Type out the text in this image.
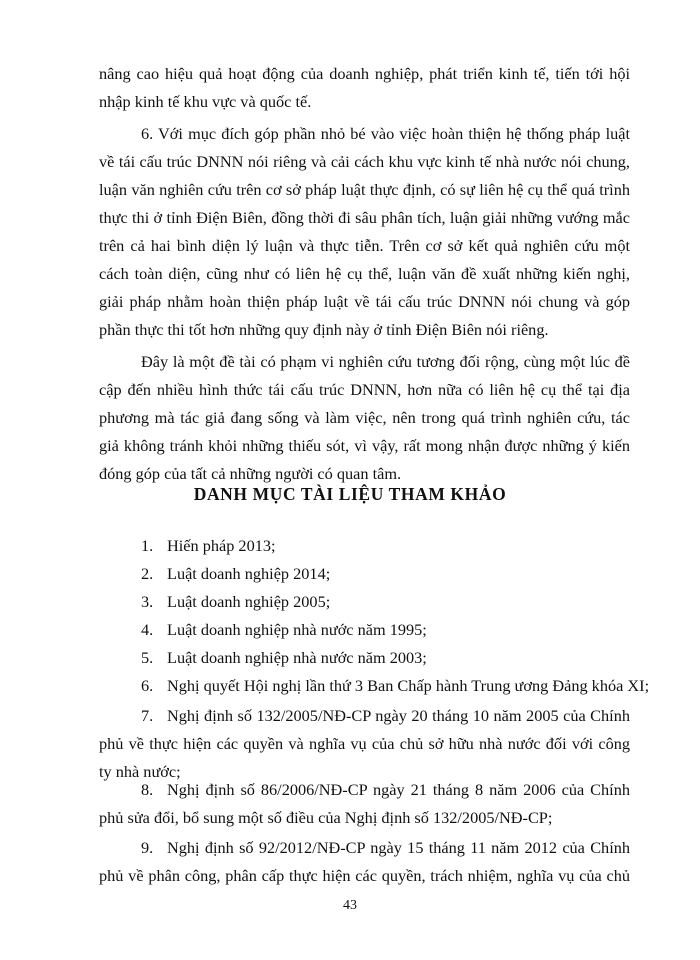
nâng cao hiệu quả hoạt động của doanh nghiệp, phát triển kinh tế, tiến tới hội
nhập kinh tế khu vực và quốc tế.
6. Với mục đích góp phần nhỏ bé vào việc hoàn thiện hệ thống pháp luật
về tái cấu trúc DNNN nói riêng và cải cách khu vực kinh tế nhà nước nói chung,
luận văn nghiên cứu trên cơ sở pháp luật thực định, có sự liên hệ cụ thể quá trình
thực thi ở tỉnh Điện Biên, đồng thời đi sâu phân tích, luận giải những vướng mắc
trên cả hai bình diện lý luận và thực tiễn. Trên cơ sở kết quả nghiên cứu một
cách toàn diện, cũng như có liên hệ cụ thể, luận văn đề xuất những kiến nghị,
giải pháp nhằm hoàn thiện pháp luật về tái cấu trúc DNNN nói chung và góp
phần thực thi tốt hơn những quy định này ở tỉnh Điện Biên nói riêng.
Đây là một đề tài có phạm vi nghiên cứu tương đối rộng, cùng một lúc đề
cập đến nhiều hình thức tái cấu trúc DNNN, hơn nữa có liên hệ cụ thể tại địa
phương mà tác giả đang sống và làm việc, nên trong quá trình nghiên cứu, tác
giả không tránh khỏi những thiếu sót, vì vậy, rất mong nhận được những ý kiến
đóng góp của tất cả những người có quan tâm.
DANH MỤC TÀI LIỆU THAM KHẢO
1. Hiến pháp 2013;
2. Luật doanh nghiệp 2014;
3. Luật doanh nghiệp 2005;
4. Luật doanh nghiệp nhà nước năm 1995;
5. Luật doanh nghiệp nhà nước năm 2003;
6. Nghị quyết Hội nghị lần thứ 3 Ban Chấp hành Trung ương Đảng khóa XI;
7. Nghị định số 132/2005/NĐ-CP ngày 20 tháng 10 năm 2005 của Chính
phủ về thực hiện các quyền và nghĩa vụ của chủ sở hữu nhà nước đối với công
ty nhà nước;
8. Nghị định số 86/2006/NĐ-CP ngày 21 tháng 8 năm 2006 của Chính
phủ sửa đổi, bổ sung một số điều của Nghị định số 132/2005/NĐ-CP;
9. Nghị định số 92/2012/NĐ-CP ngày 15 tháng 11 năm 2012 của Chính
phủ về phân công, phân cấp thực hiện các quyền, trách nhiệm, nghĩa vụ của chủ
43
